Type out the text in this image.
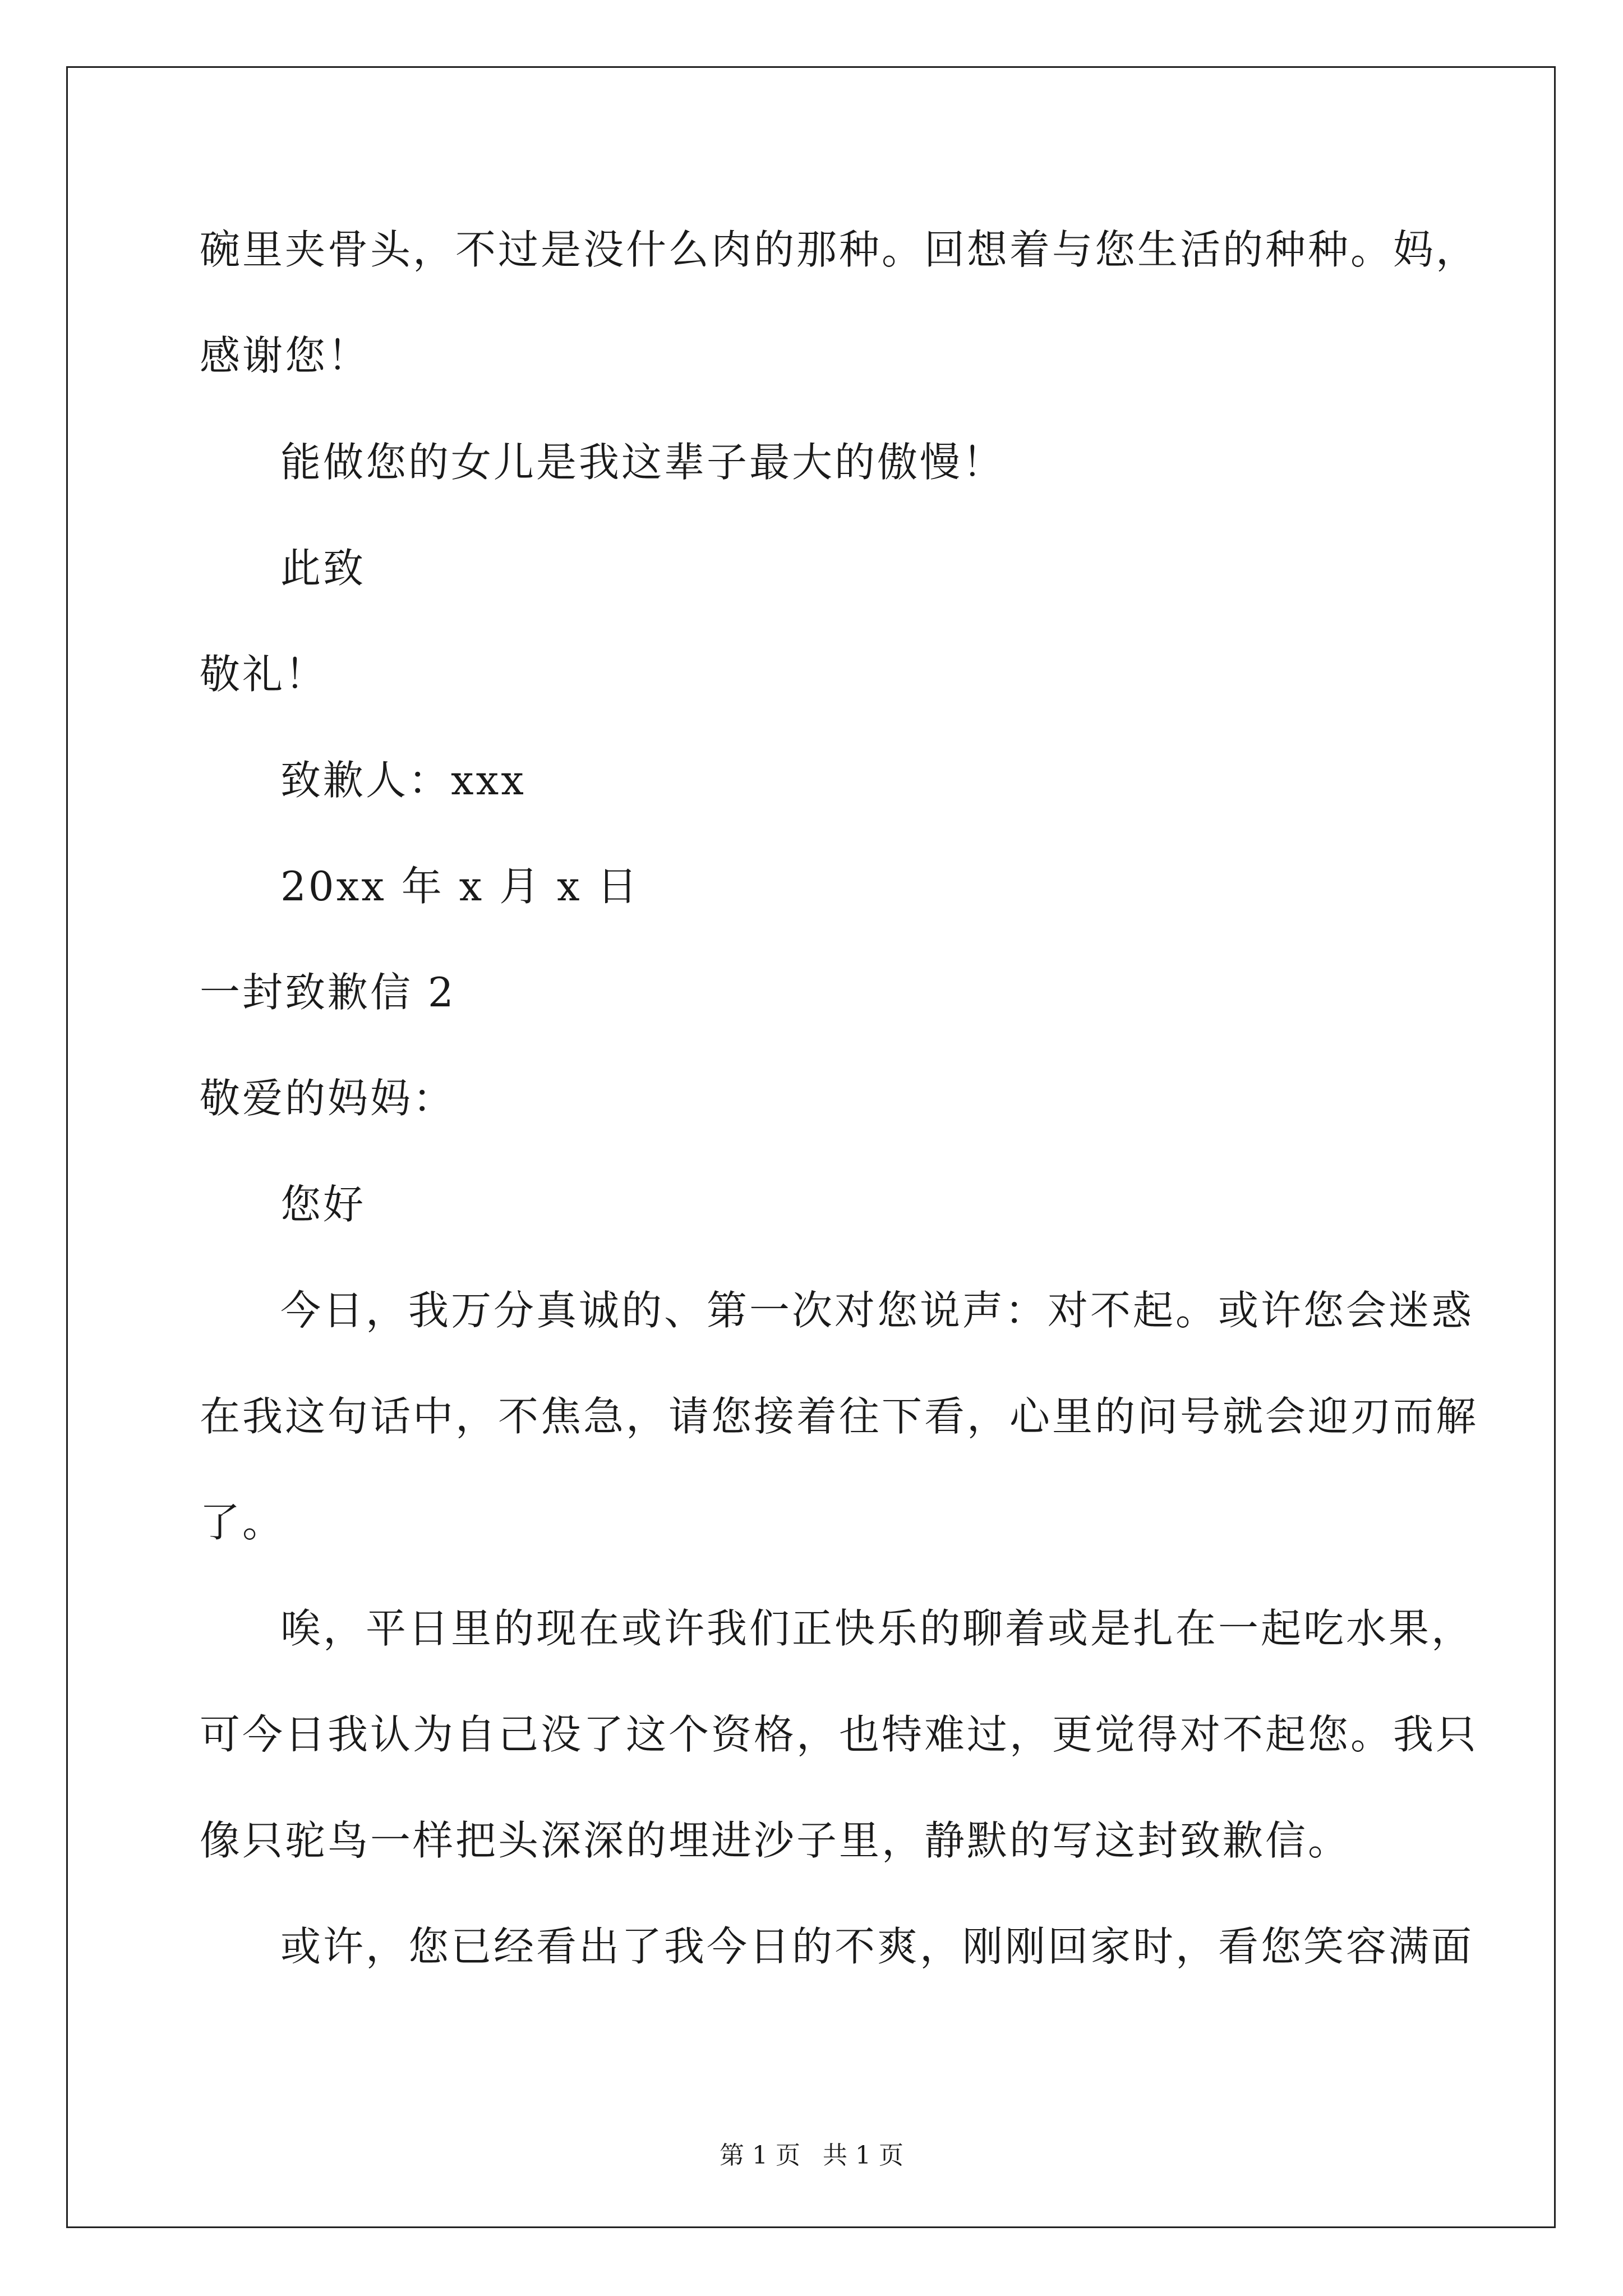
碗里夹骨头，不过是没什么肉的那种。回想着与您生活的种种。妈，
感谢您！
能做您的女儿是我这辈子最大的傲慢！
此致
敬礼！
致歉人：xxx
20xx 年 x 月 x 日
一封致歉信 2
敬爱的妈妈：
您好
今日，我万分真诚的、第一次对您说声：对不起。或许您会迷惑
在我这句话中，不焦急，请您接着往下看，心里的问号就会迎刃而解
了。
唉，平日里的现在或许我们正快乐的聊着或是扎在一起吃水果，
可今日我认为自己没了这个资格，也特难过，更觉得对不起您。我只
像只驼鸟一样把头深深的埋进沙子里，静默的写这封致歉信。
或许，您已经看出了我今日的不爽，刚刚回家时，看您笑容满面
第 1 页 共 1 页
